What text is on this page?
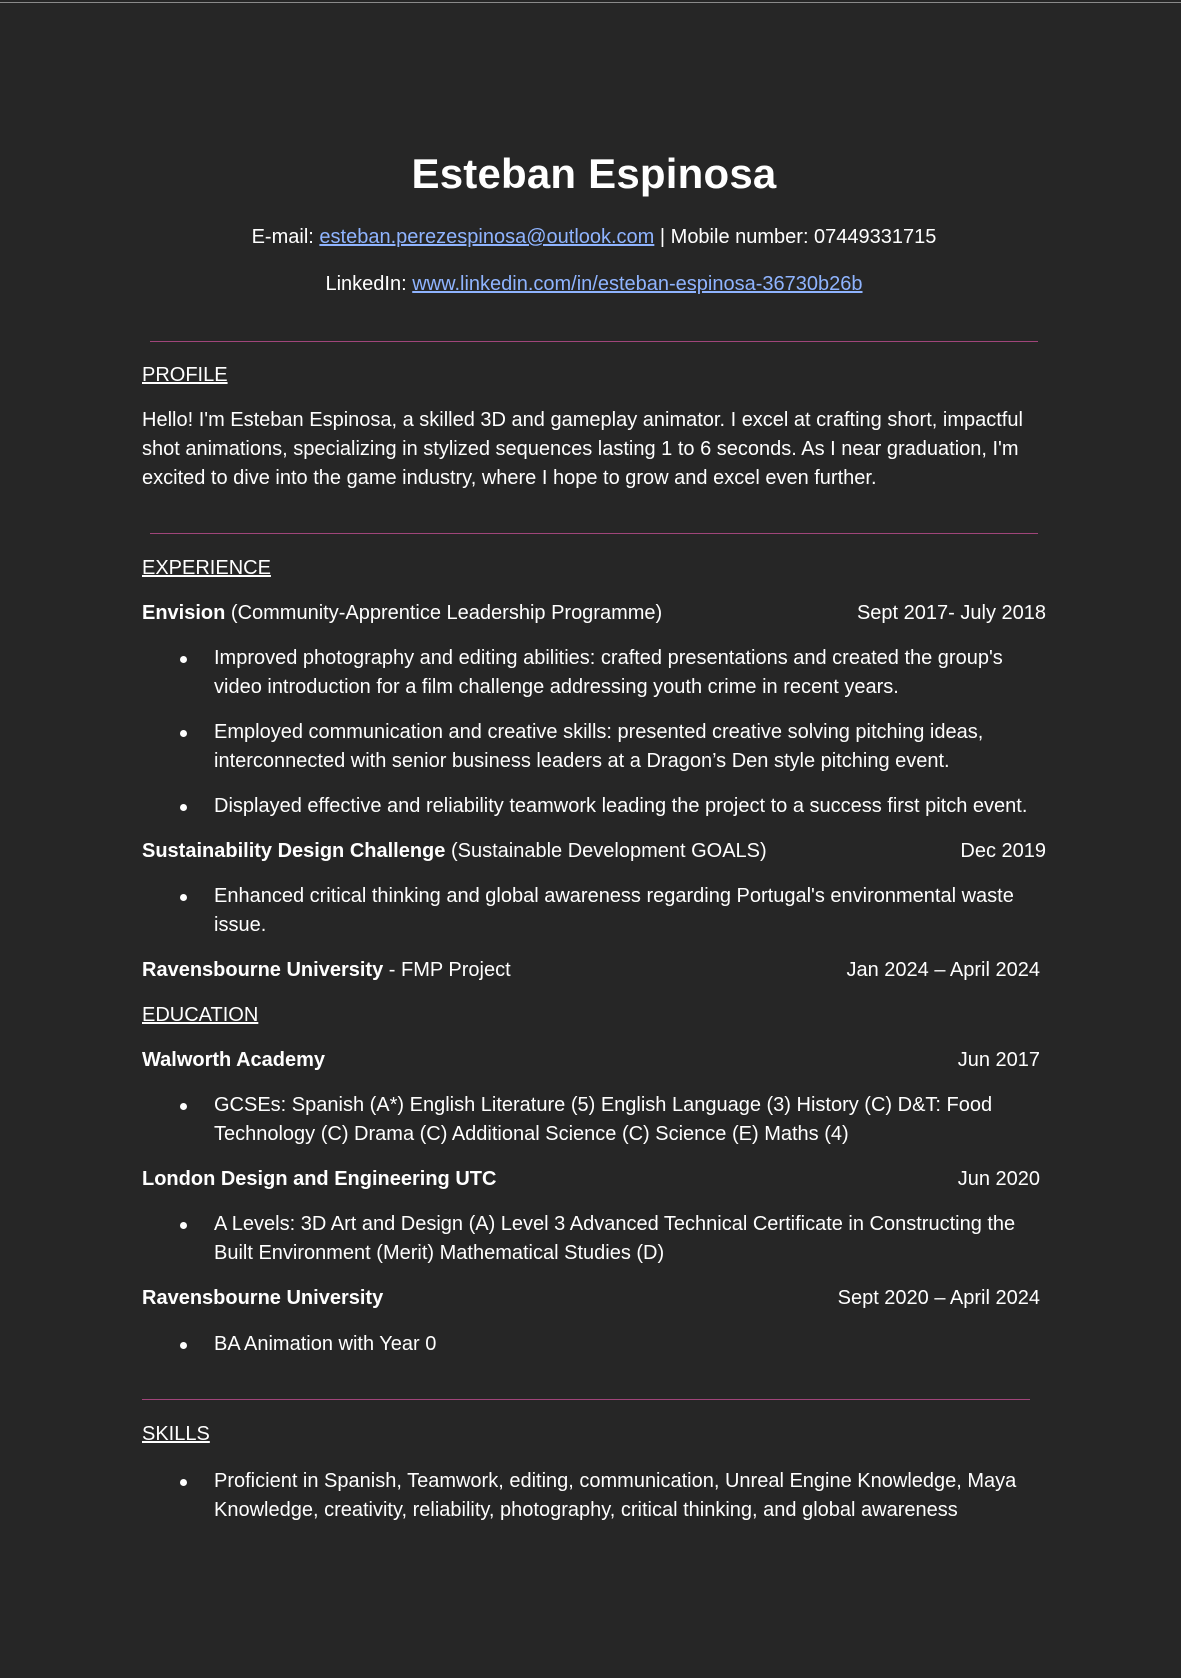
Esteban Espinosa
E-mail: esteban.perezespinosa@outlook.com | Mobile number: 07449331715
LinkedIn: www.linkedin.com/in/esteban-espinosa-36730b26b
PROFILE
Hello! I'm Esteban Espinosa, a skilled 3D and gameplay animator. I excel at crafting short, impactful shot animations, specializing in stylized sequences lasting 1 to 6 seconds. As I near graduation, I'm excited to dive into the game industry, where I hope to grow and excel even further.
EXPERIENCE
Envision (Community-Apprentice Leadership Programme)	Sept 2017- July 2018
Improved photography and editing abilities: crafted presentations and created the group's video introduction for a film challenge addressing youth crime in recent years.
Employed communication and creative skills: presented creative solving pitching ideas, interconnected with senior business leaders at a Dragon’s Den style pitching event.
Displayed effective and reliability teamwork leading the project to a success first pitch event.
Sustainability Design Challenge (Sustainable Development GOALS)	Dec 2019
Enhanced critical thinking and global awareness regarding Portugal's environmental waste issue.
Ravensbourne University - FMP Project	Jan 2024 – April 2024
EDUCATION
Walworth Academy	Jun 2017
GCSEs: Spanish (A*) English Literature (5) English Language (3) History (C) D&T: Food Technology (C) Drama (C) Additional Science (C) Science (E) Maths (4)
London Design and Engineering UTC	Jun 2020
A Levels: 3D Art and Design (A) Level 3 Advanced Technical Certificate in Constructing the Built Environment (Merit) Mathematical Studies (D)
Ravensbourne University	Sept 2020 – April 2024
BA Animation with Year 0
SKILLS
Proficient in Spanish, Teamwork, editing, communication, Unreal Engine Knowledge, Maya Knowledge, creativity, reliability, photography, critical thinking, and global awareness
